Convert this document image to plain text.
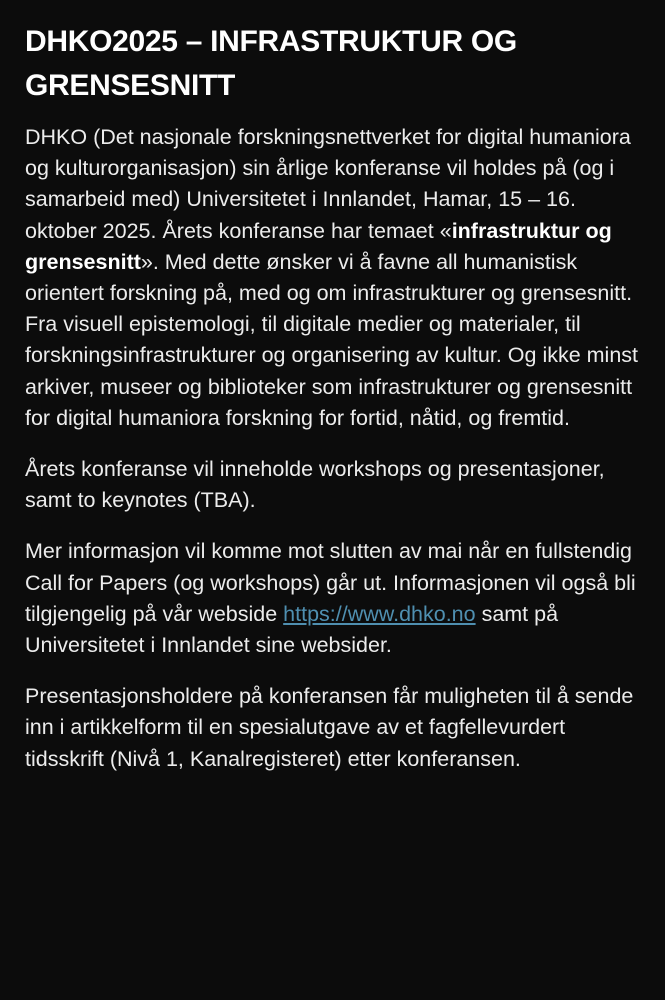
DHKO2025 – INFRASTRUKTUR OG GRENSESNITT

DHKO (Det nasjonale forskningsnettverket for digital humaniora og kulturorganisasjon) sin årlige konferanse vil holdes på (og i samarbeid med) Universitetet i Innlandet, Hamar, 15 – 16. oktober 2025. Årets konferanse har temaet «infrastruktur og grensesnitt». Med dette ønsker vi å favne all humanistisk orientert forskning på, med og om infrastrukturer og grensesnitt. Fra visuell epistemologi, til digitale medier og materialer, til forskningsinfrastrukturer og organisering av kultur. Og ikke minst arkiver, museer og biblioteker som infrastrukturer og grensesnitt for digital humaniora forskning for fortid, nåtid, og fremtid.

Årets konferanse vil inneholde workshops og presentasjoner, samt to keynotes (TBA).

Mer informasjon vil komme mot slutten av mai når en fullstendig Call for Papers (og workshops) går ut. Informasjonen vil også bli tilgjengelig på vår webside https://www.dhko.no samt på Universitetet i Innlandet sine websider.

Presentasjonsholdere på konferansen får muligheten til å sende inn i artikkelform til en spesialutgave av et fagfellevurdert tidsskrift (Nivå 1, Kanalregisteret) etter konferansen.
